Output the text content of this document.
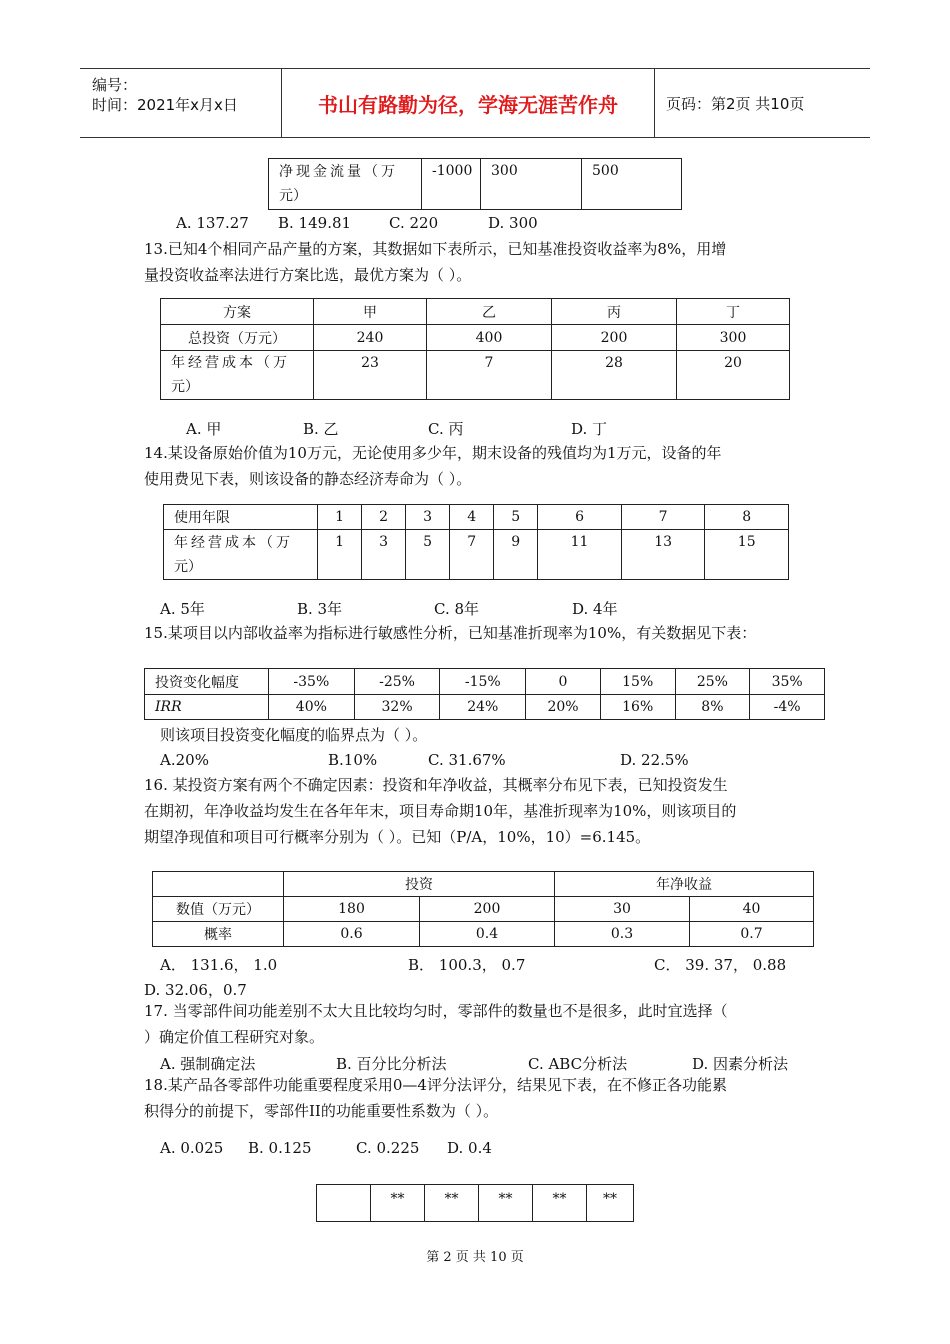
编号：
时间：2021年x月x日	书山有路勤为径，学海无涯苦作舟	页码：第2页 共10页
净现金流量（万
元）	-1000	300	500
A. 137.27 B. 149.81	C. 220	D. 300
13.已知4个相同产品产量的方案，其数据如下表所示，已知基准投资收益率为8%，用增
量投资收益率法进行方案比选，最优方案为（ ）。
方案	甲	乙	丙	丁
总投资（万元）	240	400	200	300
年经营成本（万
元）	23	7	28	20
A. 甲	B. 乙	C. 丙	D. 丁
14.某设备原始价值为10万元，无论使用多少年，期末设备的残值均为1万元，设备的年
使用费见下表，则该设备的静态经济寿命为（ ）。
使用年限	1	2	3	4	5	6	7	8
年经营成本（万
元）	1	3	5	7	9	11	13	15
A. 5年	B. 3年	C. 8年	D. 4年
15.某项目以内部收益率为指标进行敏感性分析，已知基准折现率为10%，有关数据见下表：
投资变化幅度	-35%	-25%	-15%	0	15%	25%	35%
IRR	40%	32%	24%	20%	16%	8%	-4%
则该项目投资变化幅度的临界点为（ ）。
A.20%	B.10%	C. 31.67%	D. 22.5%
16. 某投资方案有两个不确定因素：投资和年净收益，其概率分布见下表，已知投资发生
在期初，年净收益均发生在各年年末，项目寿命期10年，基准折现率为10%，则该项目的
期望净现值和项目可行概率分别为（ ）。已知（P/A，10%，10）=6.145。
	投资		年净收益	
数值（万元）	180	200	30	40
概率	0.6	0.4	0.3	0.7
A． 131.6， 1.0	B． 100.3， 0.7	C． 39. 37， 0.88
D. 32.06，0.7
17. 当零部件间功能差别不太大且比较均匀时，零部件的数量也不是很多，此时宜选择（
）确定价值工程研究对象。
A. 强制确定法	B. 百分比分析法	C. ABC分析法	D. 因素分析法
18.某产品各零部件功能重要程度采用0—4评分法评分，结果见下表，在不修正各功能累
积得分的前提下，零部件II的功能重要性系数为（ ）。
A. 0.025 B. 0.125	C. 0.225 D. 0.4
	**	**	**	**	**
第 2 页 共 10 页
